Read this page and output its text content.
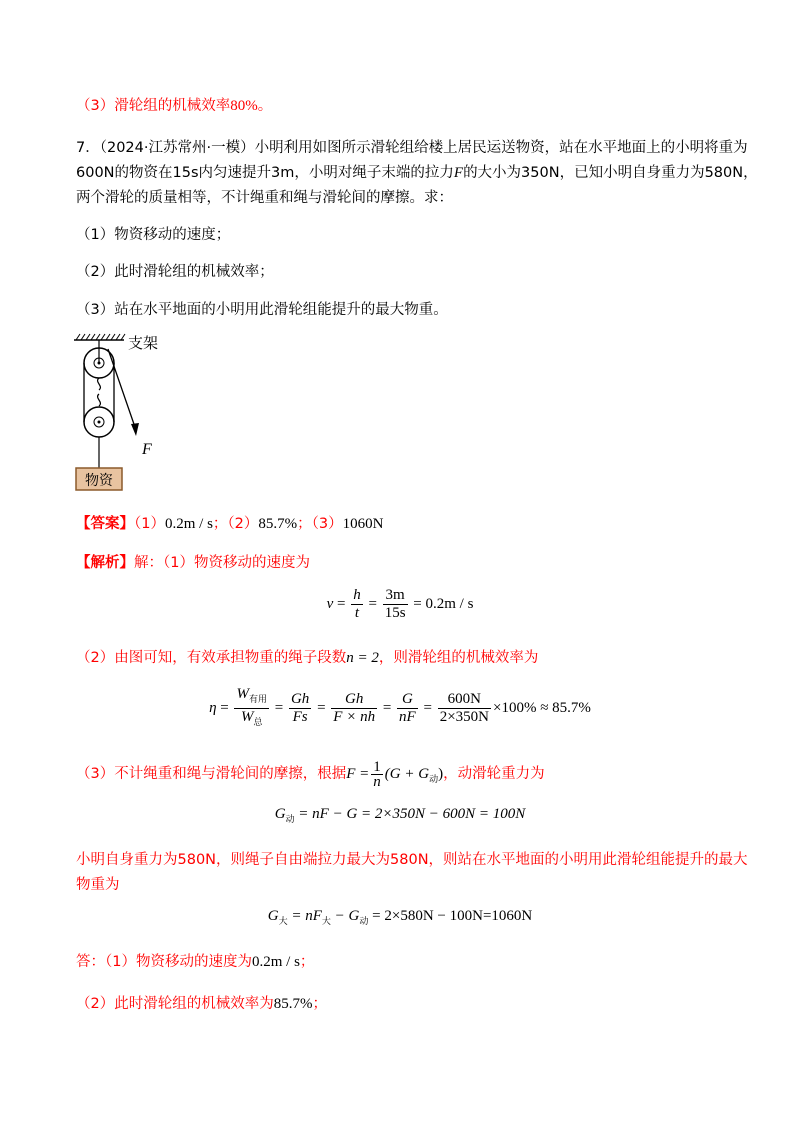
（3）滑轮组的机械效率80%。
7．（2024·江苏常州·一模）小明利用如图所示滑轮组给楼上居民运送物资，站在水平地面上的小明将重为
600N的物资在15s内匀速提升3m，小明对绳子末端的拉力F的大小为350N，已知小明自身重力为580N，
两个滑轮的质量相等，不计绳重和绳与滑轮间的摩擦。求：
（1）物资移动的速度；
（2）此时滑轮组的机械效率；
（3）站在水平地面的小明用此滑轮组能提升的最大物重。
支架
F
物资
【答案】（1）0.2m / s；（2）85.7%；（3）1060N
【解析】解：（1）物资移动的速度为
$v = \frac{h}{t} = \frac{3m}{15s} = 0.2m / s$
（2）由图可知，有效承担物重的绳子段数n = 2，则滑轮组的机械效率为
$\eta = \frac{W_{有用}}{W_总} = \frac{Gh}{Fs} = \frac{Gh}{F \times nh} = \frac{G}{nF} = \frac{600N}{2\times 350N} \times 100\% \approx 85.7\%$
（3）不计绳重和绳与滑轮间的摩擦，根据$F = \frac{1}{n} (G + G_动)$，动滑轮重力为
$G_动$ = nF − G = 2×350N − 600N = 100N
小明自身重力为580N，则绳子自由端拉力最大为580N，则站在水平地面的小明用此滑轮组能提升的最大
物重为
$G_大 = nF_大 - G_动 = 2\times 580N - 100N=1060N$
答：（1）物资移动的速度为0.2m / s；
（2）此时滑轮组的机械效率为85.7%；
